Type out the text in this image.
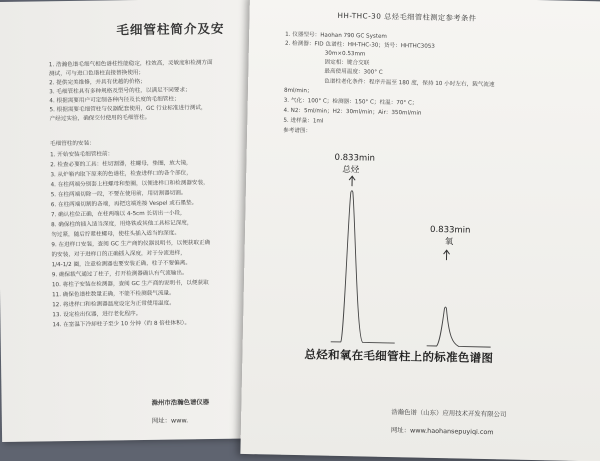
毛细管柱简介及安
1. 浩瀚色谱毛细气相色谱柱性能稳定，柱效高，灵敏度和检测方面
测试，可与进口色谱柱直接替换使用；
2. 提供完美维修，并具有优越的价格；
3. 毛细管柱具有多种规格及型号的柱，以满足不同要求；
4. 根据需要用户可定制各种内径及长度的毛细管柱；
5. 根据需要毛细管柱与仪器配套使用，GC 行业标准进行测试，
产经过实验，确保交付使用的毛细管柱。
毛细管柱的安装：
1. 开始安装毛细管柱前：
2. 检查必要的工具：柱切割器，柱螺母，垫圈，放大镜，
3. 从炉箱内取下原来的色谱柱，检查进样口的各个部位，
4. 在柱两端分别套上柱螺母和垫圈，以便进样口和检测器安装，
5. 在柱两端切除一段，不要在使用前，用切割器切割。
6. 在柱两端切割的各端，再把这端连接 Vespel 或石墨垫。
7. 确认柱位正确，在柱两端以 4-5cm 长切出一小段，
8. 确保柱的插入适当深度，用烙铁或其他工具标记深度，
勿过紧，随后拧紧柱螺母，使柱头插入适当的深度。
9. 在进样口安装，查阅 GC 生产商的仪器说明书，以便获取正确
的安装，对于进样口的正确插入深度，对于分流进样，
1/4-1/2 圈，注意检测器也要安装正确，柱子不要偏离。
9. 确保载气通过了柱子，打开检测器确认有气流输出。
10. 将柱子安装在检测器，查阅 GC 生产商的说明书，以便获取
11. 确保色谱柱数量正确，不能不检测载气流量。
12. 将进样口和检测器温度设定为正常使用温度。
13. 设定检出仪器，进行老化程序。
14. 在室温下冷却柱子至少 10 分钟（约 8 倍柱体积）。
滁州市浩瀚色谱仪器
网址：www.
HH-THC-30 总烃毛细管柱测定参考条件
1. 仪器型号：Haohan 790 GC System
2. 检测器：FID 色谱柱：HH-THC-30；货号：HHTHC3053
30m×0.53mm
固定相：键合交联
最高使用温度：300° C
色谱柱老化条件：程序升温至 180 度，保持 10 小时左右，载气流速
8ml/min；
3. 气化：100° C；检测器：150° C；柱温：70° C；
4. N2：5ml/min；H2：30ml/min；Air：350ml/min
5. 进样量：1ml
参考谱图：
0.833min
总烃
0.833min
氧
总烃和氧在毛细管柱上的标准色谱图
浩瀚色谱（山东）应用技术开发有限公司
网址：www.haohansepuyiqi.com
